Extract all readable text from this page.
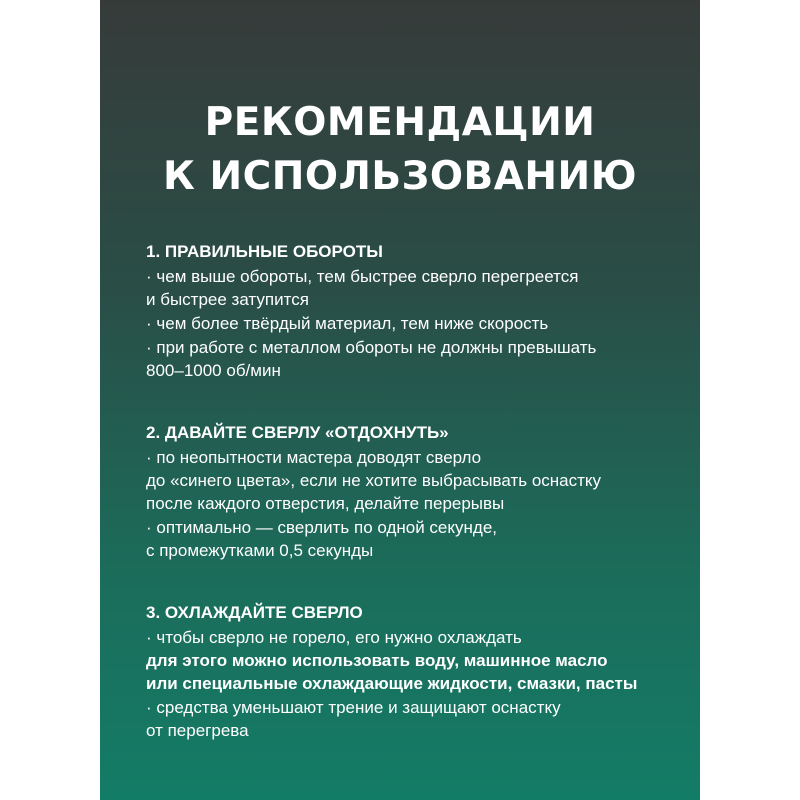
РЕКОМЕНДАЦИИ
К ИСПОЛЬЗОВАНИЮ
1. ПРАВИЛЬНЫЕ ОБОРОТЫ
· чем выше обороты, тем быстрее сверло перегреется
и быстрее затупится
· чем более твёрдый материал, тем ниже скорость
· при работе с металлом обороты не должны превышать
800–1000 об/мин
2. ДАВАЙТЕ СВЕРЛУ «ОТДОХНУТЬ»
· по неопытности мастера доводят сверло
до «синего цвета», если не хотите выбрасывать оснастку
после каждого отверстия, делайте перерывы
· оптимально — сверлить по одной секунде,
с промежутками 0,5 секунды
3. ОХЛАЖДАЙТЕ СВЕРЛО
· чтобы сверло не горело, его нужно охлаждать
для этого можно использовать воду, машинное масло
или специальные охлаждающие жидкости, смазки, пасты
· средства уменьшают трение и защищают оснастку
от перегрева
